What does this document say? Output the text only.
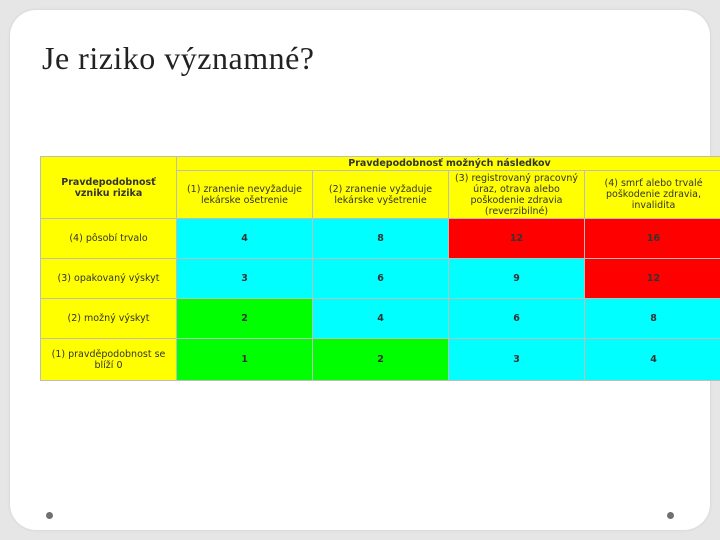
Je riziko významné?
Pravdepodobnosť vzniku rizika	Pravdepodobnosť možných následkov			
	(1) zranenie nevyžaduje lekárske ošetrenie	(2) zranenie vyžaduje lekárske vyšetrenie	(3) registrovaný pracovný úraz, otrava alebo poškodenie zdravia (reverzibilné)	(4) smrť alebo trvalé poškodenie zdravia, invalidita
(4) pôsobí trvalo	4	8	12	16
(3) opakovaný výskyt	3	6	9	12
(2) možný výskyt	2	4	6	8
(1) pravděpodobnost se blíží 0	1	2	3	4
